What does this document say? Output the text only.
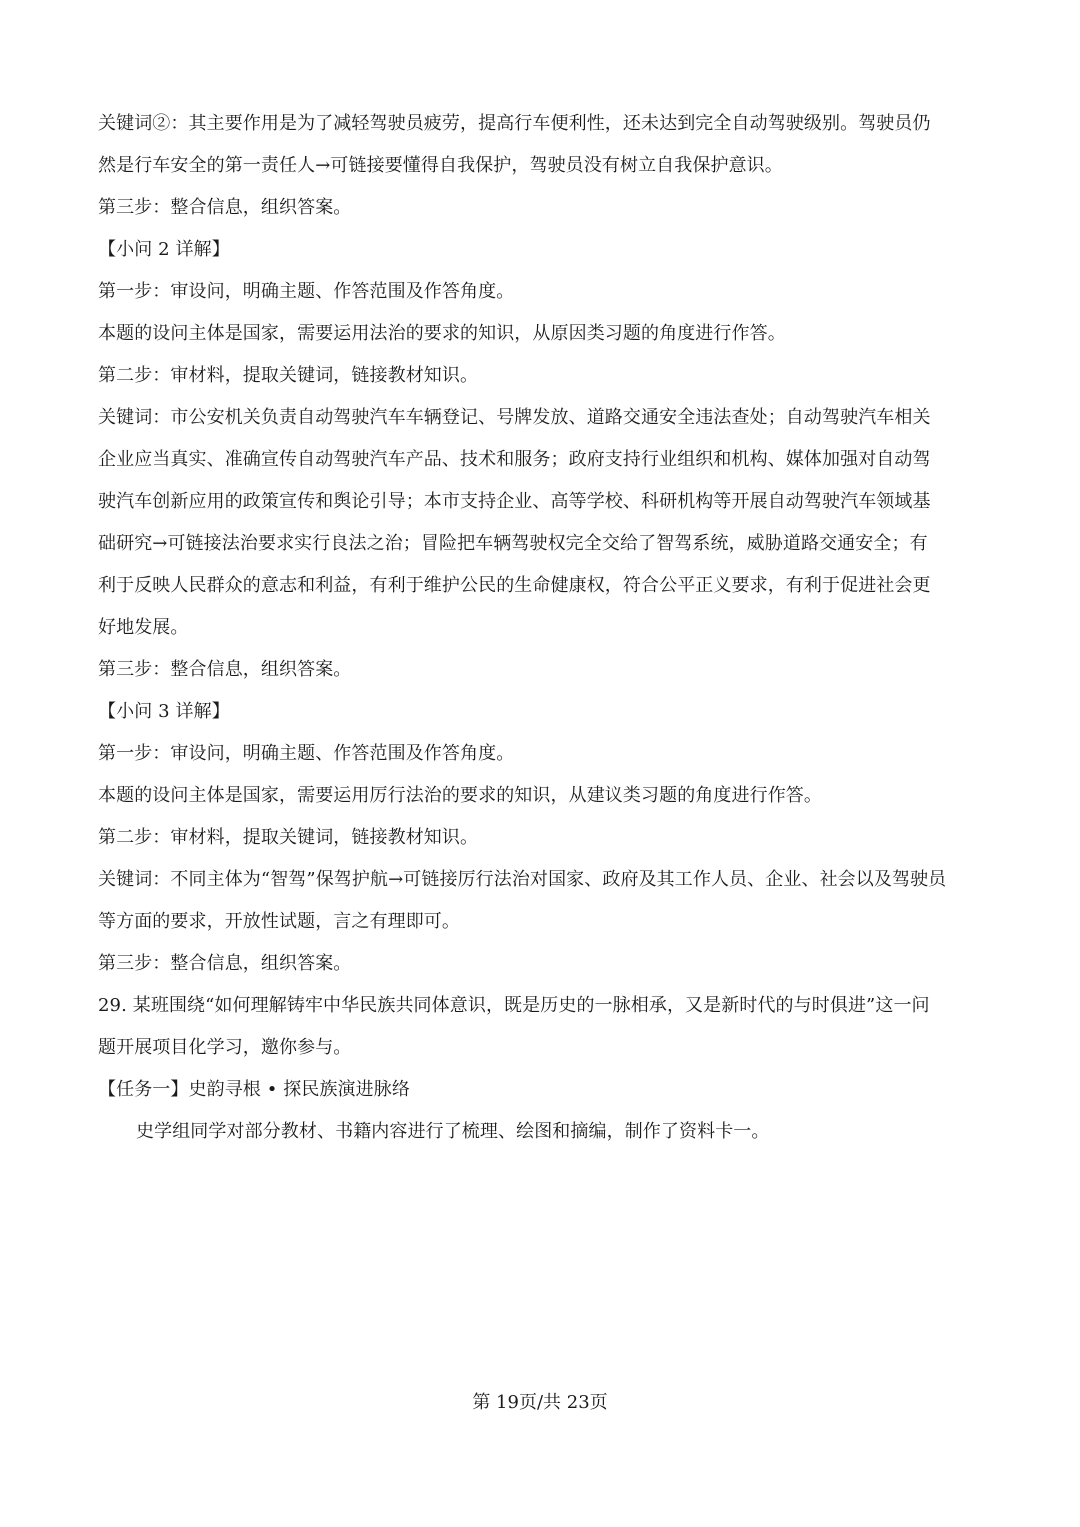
关键词②：其主要作用是为了减轻驾驶员疲劳，提高行车便利性，还未达到完全自动驾驶级别。驾驶员仍
然是行车安全的第一责任人→可链接要懂得自我保护，驾驶员没有树立自我保护意识。
第三步：整合信息，组织答案。
【小问 2 详解】
第一步：审设问，明确主题、作答范围及作答角度。
本题的设问主体是国家，需要运用法治的要求的知识，从原因类习题的角度进行作答。
第二步：审材料，提取关键词，链接教材知识。
关键词：市公安机关负责自动驾驶汽车车辆登记、号牌发放、道路交通安全违法查处；自动驾驶汽车相关
企业应当真实、准确宣传自动驾驶汽车产品、技术和服务；政府支持行业组织和机构、媒体加强对自动驾
驶汽车创新应用的政策宣传和舆论引导；本市支持企业、高等学校、科研机构等开展自动驾驶汽车领域基
础研究→可链接法治要求实行良法之治；冒险把车辆驾驶权完全交给了智驾系统，威胁道路交通安全；有
利于反映人民群众的意志和利益，有利于维护公民的生命健康权，符合公平正义要求，有利于促进社会更
好地发展。
第三步：整合信息，组织答案。
【小问 3 详解】
第一步：审设问，明确主题、作答范围及作答角度。
本题的设问主体是国家，需要运用厉行法治的要求的知识，从建议类习题的角度进行作答。
第二步：审材料，提取关键词，链接教材知识。
关键词：不同主体为“智驾”保驾护航→可链接厉行法治对国家、政府及其工作人员、企业、社会以及驾驶员
等方面的要求，开放性试题，言之有理即可。
第三步：整合信息，组织答案。
29. 某班围绕“如何理解铸牢中华民族共同体意识，既是历史的一脉相承，又是新时代的与时俱进”这一问
题开展项目化学习，邀你参与。
【任务一】史韵寻根 • 探民族演进脉络
史学组同学对部分教材、书籍内容进行了梳理、绘图和摘编，制作了资料卡一。
第 19页/共 23页
